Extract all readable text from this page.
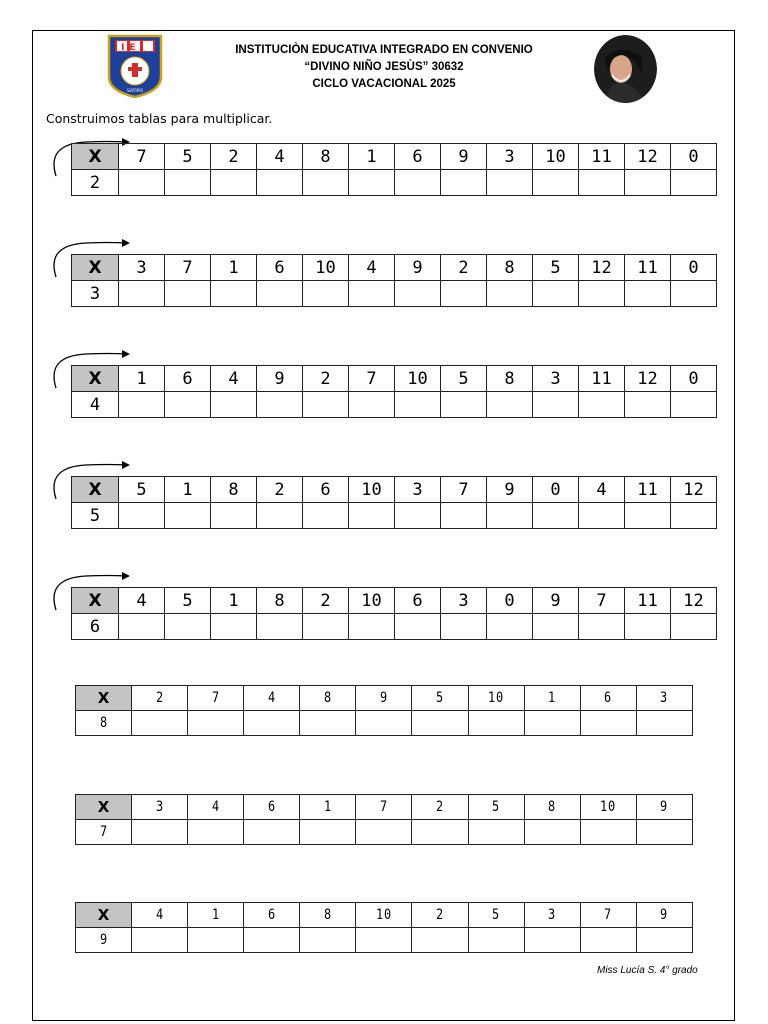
IEI
SATIPO
INSTITUCIÒN EDUCATIVA INTEGRADO EN CONVENIO
“DIVINO NIÑO JESÙS” 30632
CICLO VACACIONAL 2025
Construimos tablas para multiplicar.
X	7	5	2	4	8	1	6	9	3	10	11	12	0
2													
X	3	7	1	6	10	4	9	2	8	5	12	11	0
3													
X	1	6	4	9	2	7	10	5	8	3	11	12	0
4													
X	5	1	8	2	6	10	3	7	9	0	4	11	12
5													
X	4	5	1	8	2	10	6	3	0	9	7	11	12
6													
X	2	7	4	8	9	5	10	1	6	3
8										
X	3	4	6	1	7	2	5	8	10	9
7										
X	4	1	6	8	10	2	5	3	7	9
9										
Miss Lucía S. 4° grado
